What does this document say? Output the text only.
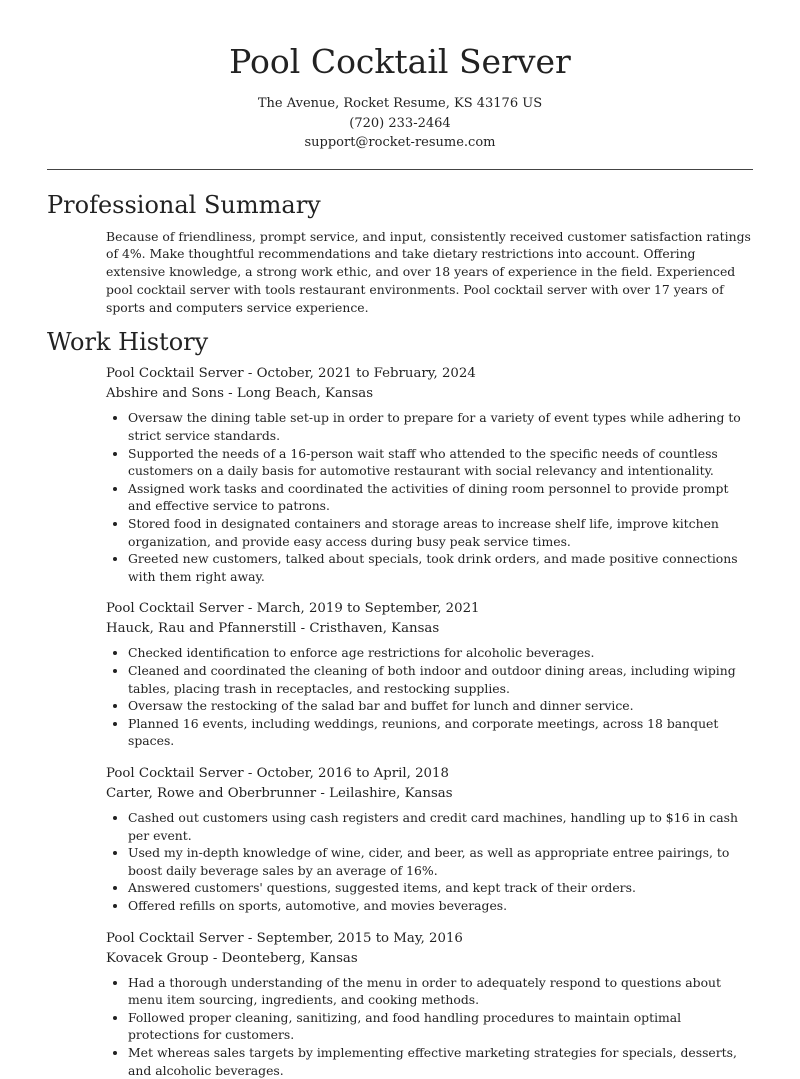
Pool Cocktail Server
The Avenue, Rocket Resume, KS 43176 US
(720) 233-2464
support@rocket-resume.com
Professional Summary

Because of friendliness, prompt service, and input, consistently received customer satisfaction ratings of 4%. Make thoughtful recommendations and take dietary restrictions into account. Offering extensive knowledge, a strong work ethic, and over 18 years of experience in the field. Experienced pool cocktail server with tools restaurant environments. Pool cocktail server with over 17 years of sports and computers service experience.

Work History
Pool Cocktail Server - October, 2021 to February, 2024
Abshire and Sons - Long Beach, Kansas
• Oversaw the dining table set-up in order to prepare for a variety of event types while adhering to strict service standards.
• Supported the needs of a 16-person wait staff who attended to the specific needs of countless customers on a daily basis for automotive restaurant with social relevancy and intentionality.
• Assigned work tasks and coordinated the activities of dining room personnel to provide prompt and effective service to patrons.
• Stored food in designated containers and storage areas to increase shelf life, improve kitchen organization, and provide easy access during busy peak service times.
• Greeted new customers, talked about specials, took drink orders, and made positive connections with them right away.
Pool Cocktail Server - March, 2019 to September, 2021
Hauck, Rau and Pfannerstill - Cristhaven, Kansas
• Checked identification to enforce age restrictions for alcoholic beverages.
• Cleaned and coordinated the cleaning of both indoor and outdoor dining areas, including wiping tables, placing trash in receptacles, and restocking supplies.
• Oversaw the restocking of the salad bar and buffet for lunch and dinner service.
• Planned 16 events, including weddings, reunions, and corporate meetings, across 18 banquet spaces.
Pool Cocktail Server - October, 2016 to April, 2018
Carter, Rowe and Oberbrunner - Leilashire, Kansas
• Cashed out customers using cash registers and credit card machines, handling up to $16 in cash per event.
• Used my in-depth knowledge of wine, cider, and beer, as well as appropriate entree pairings, to boost daily beverage sales by an average of 16%.
• Answered customers' questions, suggested items, and kept track of their orders.
• Offered refills on sports, automotive, and movies beverages.
Pool Cocktail Server - September, 2015 to May, 2016
Kovacek Group - Deonteberg, Kansas
• Had a thorough understanding of the menu in order to adequately respond to questions about menu item sourcing, ingredients, and cooking methods.
• Followed proper cleaning, sanitizing, and food handling procedures to maintain optimal protections for customers.
• Met whereas sales targets by implementing effective marketing strategies for specials, desserts, and alcoholic beverages.
